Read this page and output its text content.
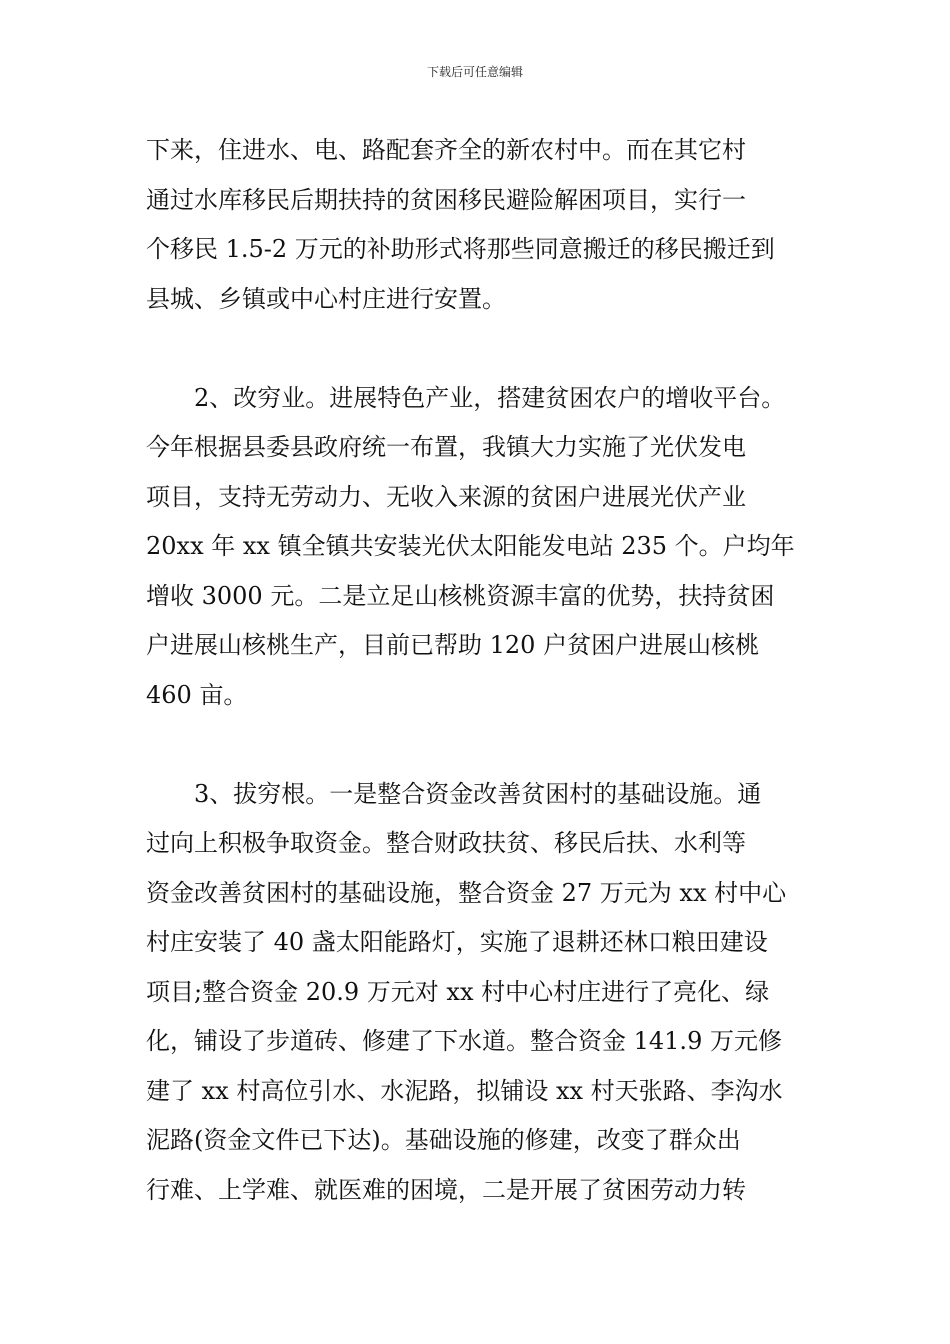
下载后可任意编辑

下来，住进水、电、路配套齐全的新农村中。而在其它村
通过水库移民后期扶持的贫困移民避险解困项目，实行一
个移民 1.5-2 万元的补助形式将那些同意搬迁的移民搬迁到
县城、乡镇或中心村庄进行安置。

2、改穷业。进展特色产业，搭建贫困农户的增收平台。
今年根据县委县政府统一布置，我镇大力实施了光伏发电
项目，支持无劳动力、无收入来源的贫困户进展光伏产业
20xx 年 xx 镇全镇共安装光伏太阳能发电站 235 个。户均年
增收 3000 元。二是立足山核桃资源丰富的优势，扶持贫困
户进展山核桃生产，目前已帮助 120 户贫困户进展山核桃
460 亩。

3、拔穷根。一是整合资金改善贫困村的基础设施。通
过向上积极争取资金。整合财政扶贫、移民后扶、水利等
资金改善贫困村的基础设施，整合资金 27 万元为 xx 村中心
村庄安装了 40 盏太阳能路灯，实施了退耕还林口粮田建设
项目;整合资金 20.9 万元对 xx 村中心村庄进行了亮化、绿
化，铺设了步道砖、修建了下水道。整合资金 141.9 万元修
建了 xx 村高位引水、水泥路，拟铺设 xx 村天张路、李沟水
泥路(资金文件已下达)。基础设施的修建，改变了群众出
行难、上学难、就医难的困境，二是开展了贫困劳动力转
